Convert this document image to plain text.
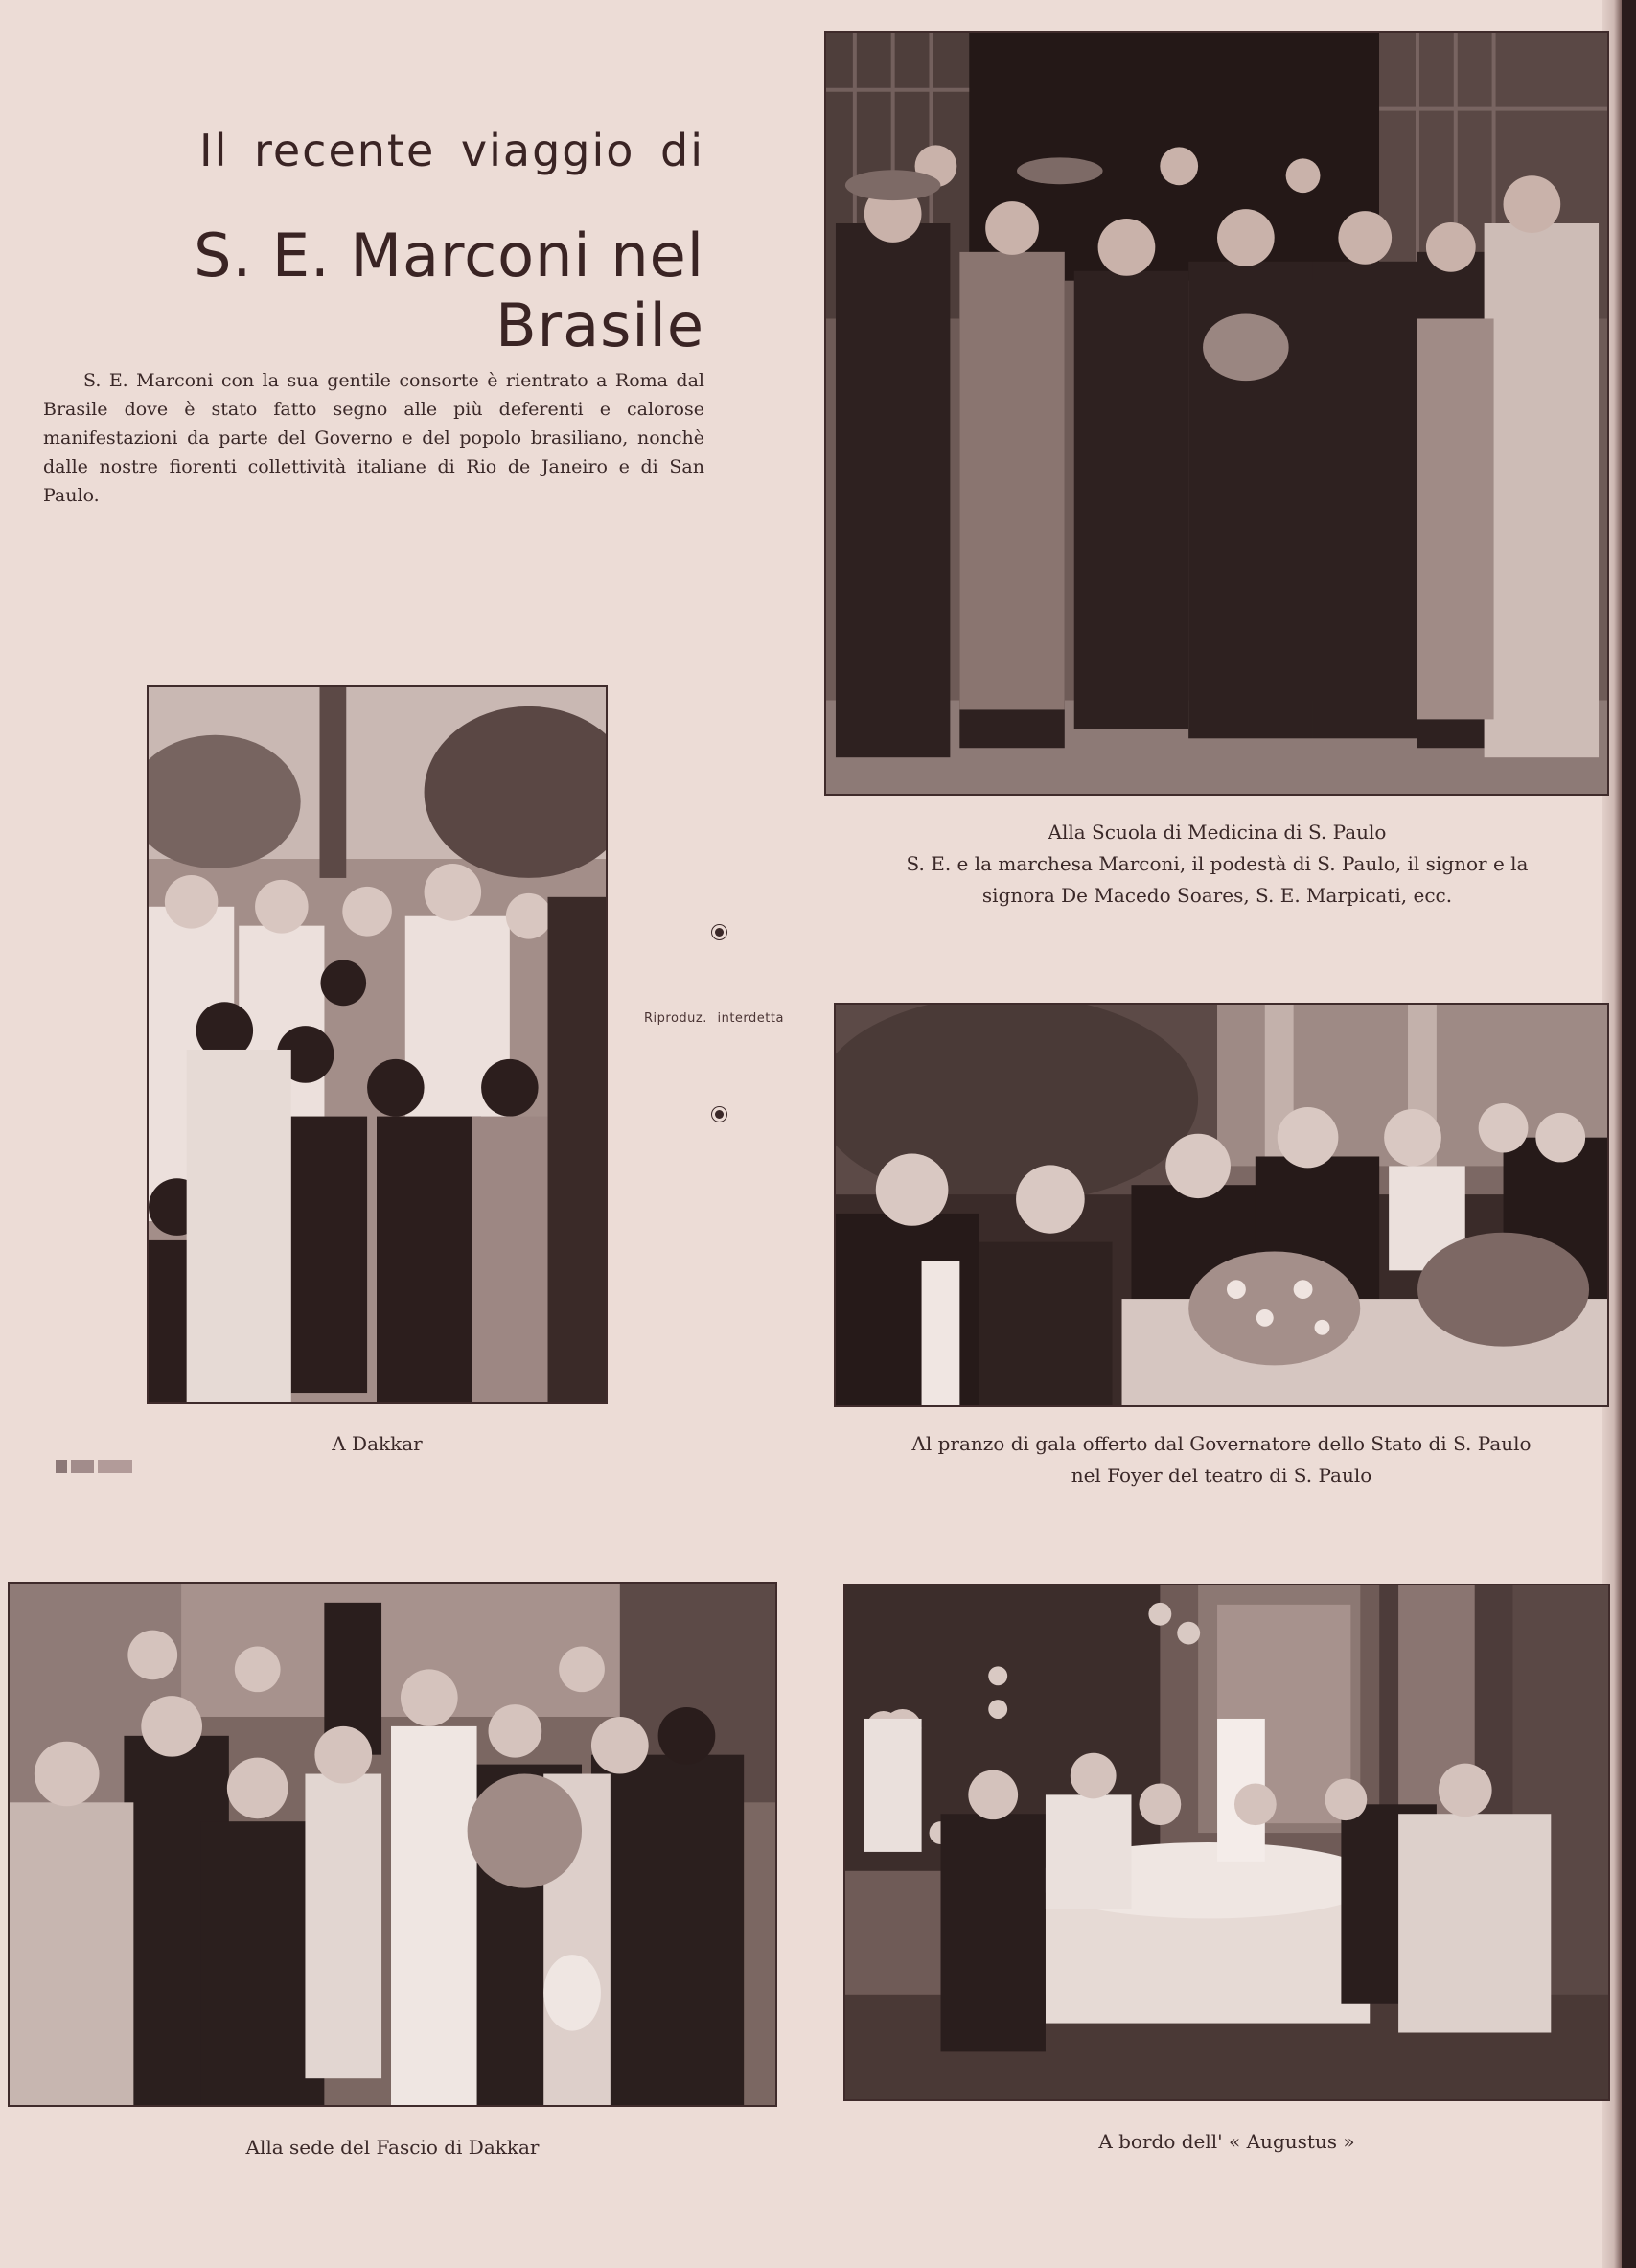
Il recente viaggio di
S. E. Marconi nel Brasile
S. E. Marconi con la sua gentile consorte è rientrato a Roma dal Brasile dove è stato fatto segno alle più deferenti e calorose manifestazioni da parte del Governo e del popolo brasiliano, nonchè dalle nostre fiorenti collettività italiane di Rio de Janeiro e di San Paulo.
Alla Scuola di Medicina di S. Paulo
S. E. e la marchesa Marconi, il podestà di S. Paulo, il signor e la
signora De Macedo Soares, S. E. Marpicati, ecc.
A Dakkar
Riproduz. interdetta
Al pranzo di gala offerto dal Governatore dello Stato di S. Paulo
nel Foyer del teatro di S. Paulo
Alla sede del Fascio di Dakkar	A bordo dell' « Augustus »
